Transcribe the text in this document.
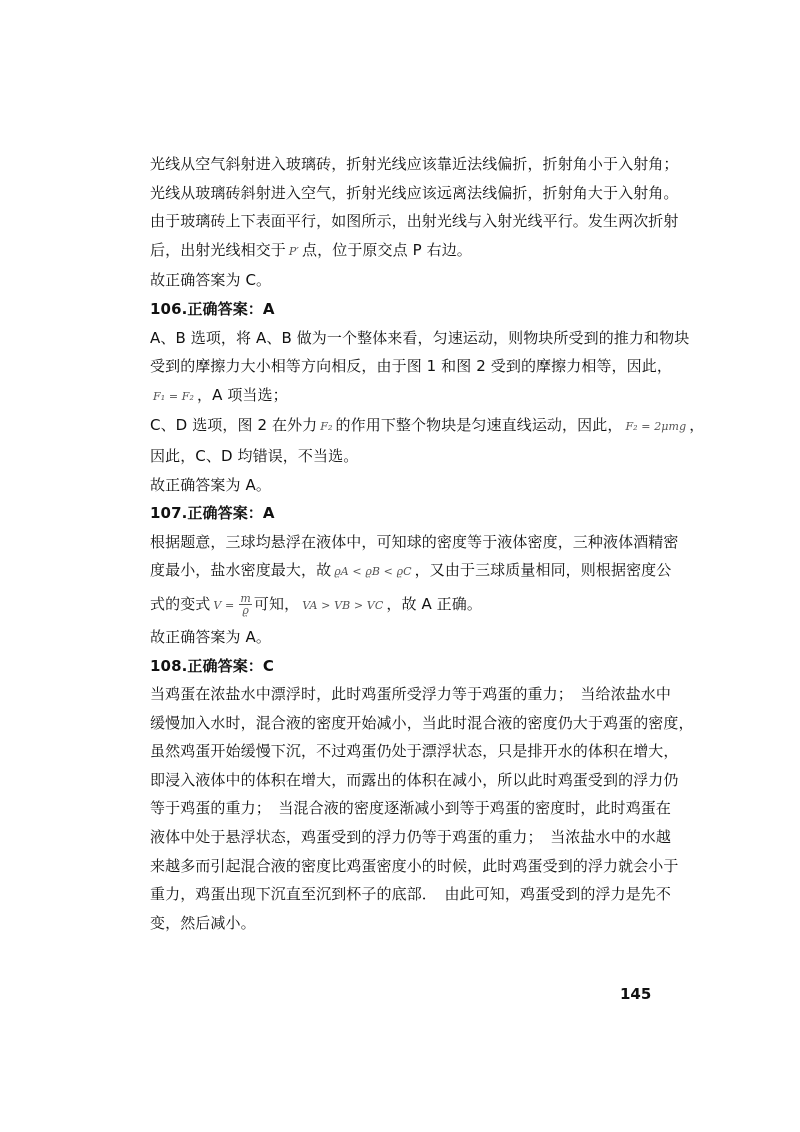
光线从空气斜射进入玻璃砖，折射光线应该靠近法线偏折，折射角小于入射角；
光线从玻璃砖斜射进入空气，折射光线应该远离法线偏折，折射角大于入射角。
由于玻璃砖上下表面平行，如图所示，出射光线与入射光线平行。发生两次折射
后，出射光线相交于 P′ 点，位于原交点 P 右边。
故正确答案为 C。
106.正确答案：A
A、B 选项，将 A、B 做为一个整体来看，匀速运动，则物块所受到的推力和物块
受到的摩擦力大小相等方向相反，由于图 1 和图 2 受到的摩擦力相等，因此，
F₁ = F₂ ，A 项当选；
C、D 选项，图 2 在外力 F₂ 的作用下整个物块是匀速直线运动，因此， F₂ = 2μmg ，
因此，C、D 均错误，不当选。
故正确答案为 A。
107.正确答案：A
根据题意，三球均悬浮在液体中，可知球的密度等于液体密度，三种液体酒精密
度最小，盐水密度最大，故 ϱA < ϱB < ϱC ，又由于三球质量相同，则根据密度公
式的变式 $V = \frac{m}{ϱ}$ 可知， VA > VB > VC ，故 A 正确。
故正确答案为 A。
108.正确答案：C
当鸡蛋在浓盐水中漂浮时，此时鸡蛋所受浮力等于鸡蛋的重力；　当给浓盐水中
缓慢加入水时，混合液的密度开始减小，当此时混合液的密度仍大于鸡蛋的密度，
虽然鸡蛋开始缓慢下沉，不过鸡蛋仍处于漂浮状态，只是排开水的体积在增大，
即浸入液体中的体积在增大，而露出的体积在减小，所以此时鸡蛋受到的浮力仍
等于鸡蛋的重力；　当混合液的密度逐渐减小到等于鸡蛋的密度时，此时鸡蛋在
液体中处于悬浮状态，鸡蛋受到的浮力仍等于鸡蛋的重力；　当浓盐水中的水越
来越多而引起混合液的密度比鸡蛋密度小的时候，此时鸡蛋受到的浮力就会小于
重力，鸡蛋出现下沉直至沉到杯子的底部．　由此可知，鸡蛋受到的浮力是先不
变，然后减小。
145
